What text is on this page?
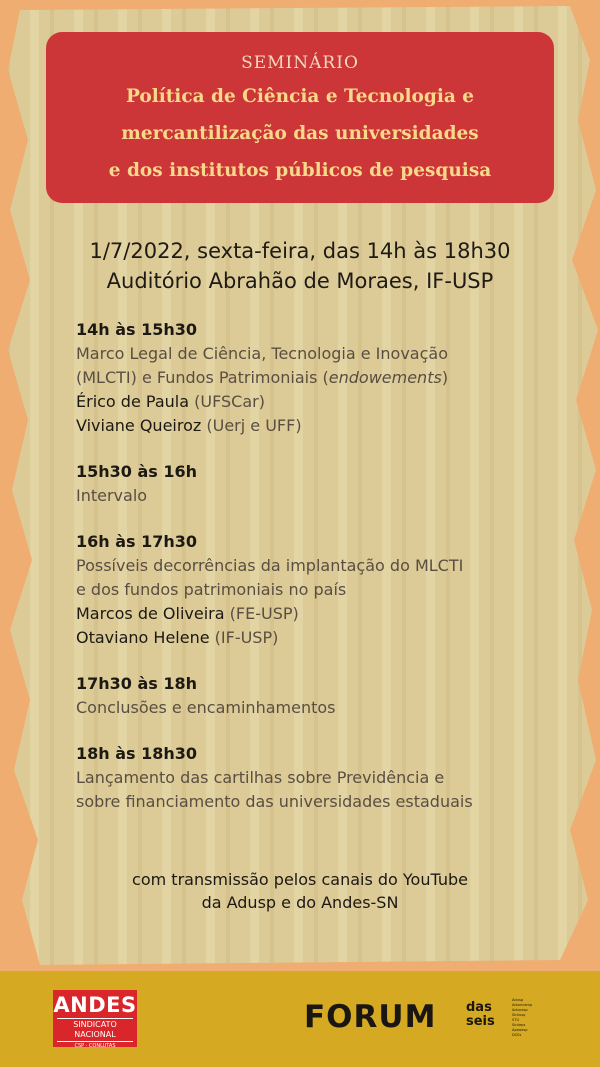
SEMINÁRIO
Política de Ciência e Tecnologia e
mercantilização das universidades
e dos institutos públicos de pesquisa
1/7/2022, sexta-feira, das 14h às 18h30
Auditório Abrahão de Moraes, IF-USP
14h às 15h30
Marco Legal de Ciência, Tecnologia e Inovação
(MLCTI) e Fundos Patrimoniais (endowements)
Érico de Paula (UFSCar)
Viviane Queiroz (Uerj e UFF)
15h30 às 16h
Intervalo
16h às 17h30
Possíveis decorrências da implantação do MLCTI
e dos fundos patrimoniais no país
Marcos de Oliveira (FE-USP)
Otaviano Helene (IF-USP)
17h30 às 18h
Conclusões e encaminhamentos
18h às 18h30
Lançamento das cartilhas sobre Previdência e
sobre financiamento das universidades estaduais
com transmissão pelos canais do YouTube
da Adusp e do Andes-SN
ANDES
SINDICATO NACIONAL
CSP · CONLUTAS
FORUM das
seis
Adusp
Adunicamp
Adunesp
Sintusp
STU
Sinteps
Apeoesp
DCEs
